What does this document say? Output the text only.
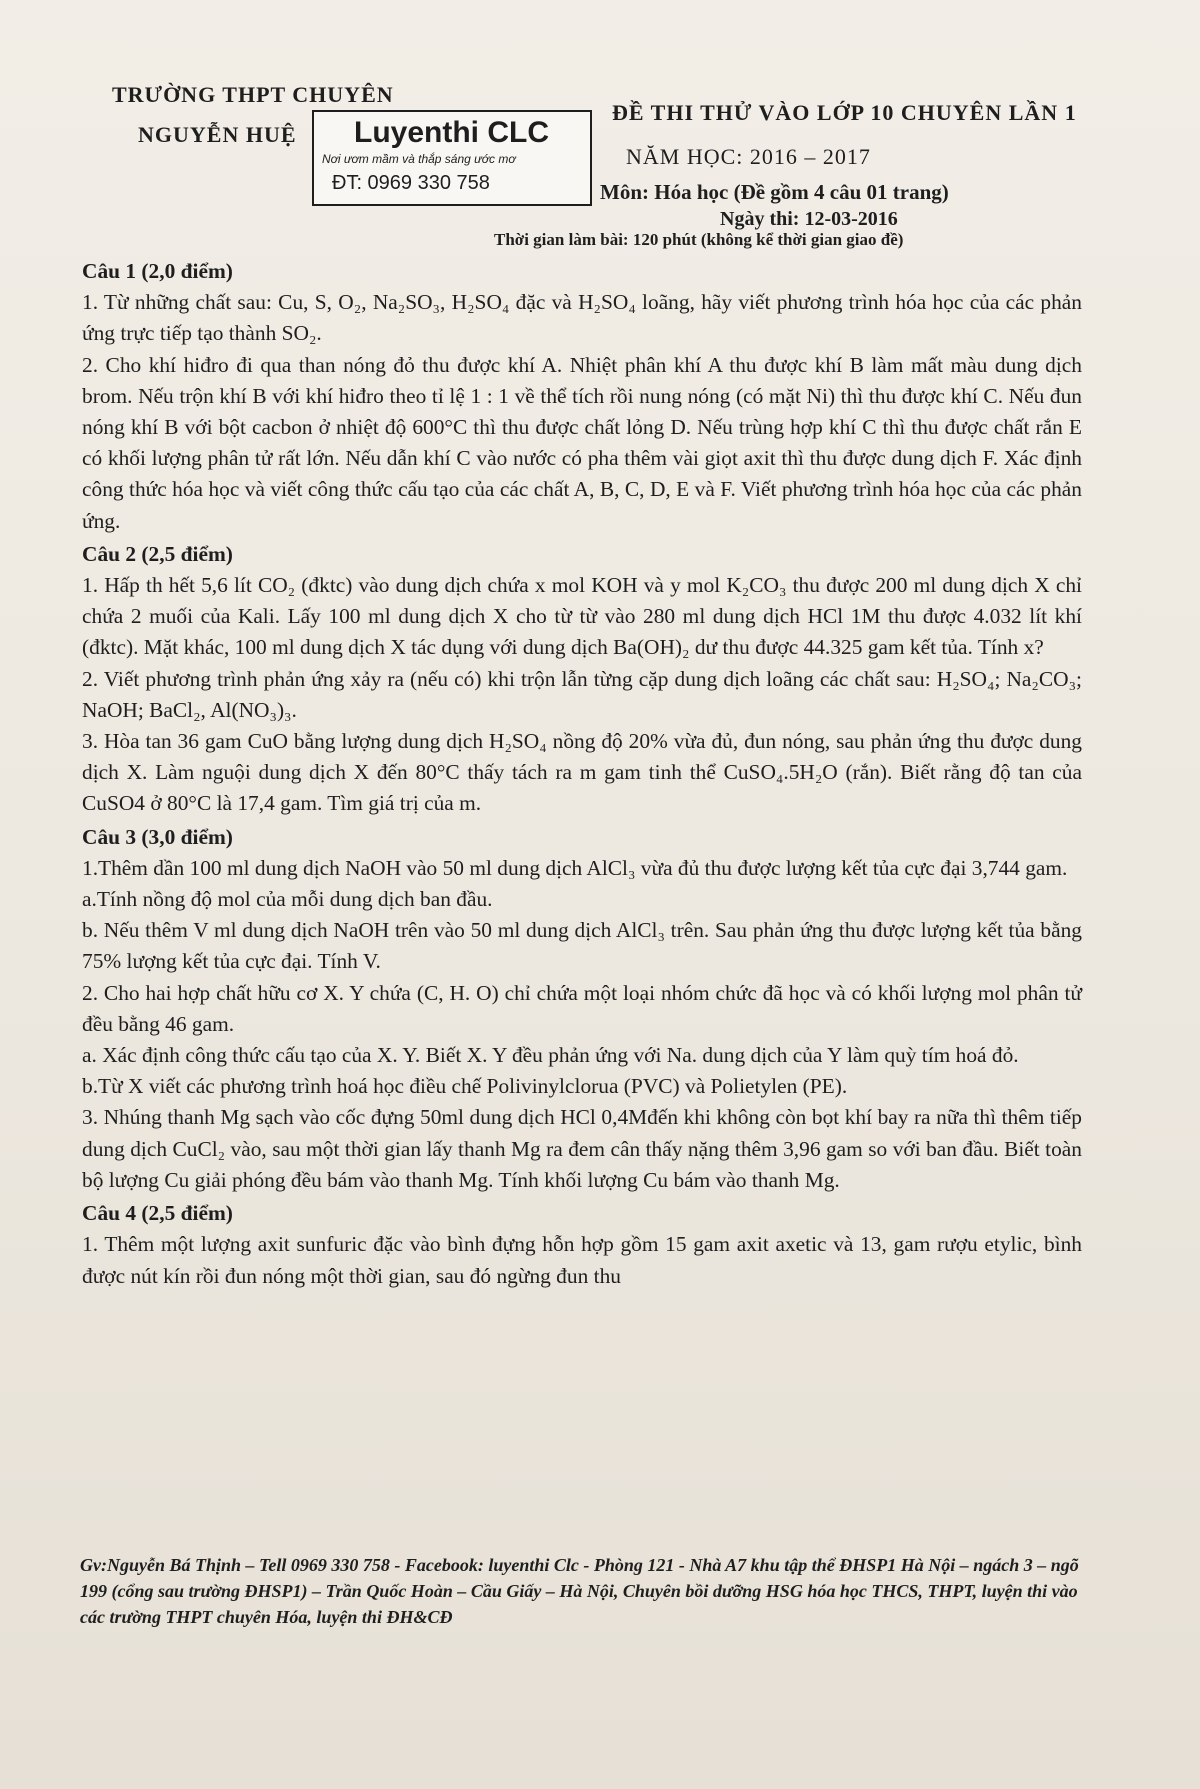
TRƯỜNG THPT CHUYÊN
NGUYỄN HUỆ Luyenthi CLC
Nơi ươm mầm và thắp sáng ước mơ
ĐT: 0969 330 758
ĐỀ THI THỬ VÀO LỚP 10 CHUYÊN LẦN 1
NĂM HỌC: 2016 – 2017
Môn: Hóa học (Đề gồm 4 câu 01 trang)
Ngày thi: 12-03-2016
Thời gian làm bài: 120 phút (không kể thời gian giao đề)
Câu 1 (2,0 điểm)

1. Từ những chất sau: Cu, S, O₂, Na₂SO₃, H₂SO₄ đặc và H₂SO₄ loãng, hãy viết phương trình hóa học của các phản ứng trực tiếp tạo thành SO₂.

2. Cho khí hiđro đi qua than nóng đỏ thu được khí A. Nhiệt phân khí A thu được khí B làm mất màu dung dịch brom. Nếu trộn khí B với khí hiđro theo tỉ lệ 1 : 1 về thể tích rồi nung nóng (có mặt Ni) thì thu được khí C. Nếu đun nóng khí B với bột cacbon ở nhiệt độ 600°C thì thu được chất lỏng D. Nếu trùng hợp khí C thì thu được chất rắn E có khối lượng phân tử rất lớn. Nếu dẫn khí C vào nước có pha thêm vài giọt axit thì thu được dung dịch F. Xác định công thức hóa học và viết công thức cấu tạo của các chất A, B, C, D, E và F. Viết phương trình hóa học của các phản ứng.

Câu 2 (2,5 điểm)

1. Hấp th hết 5,6 lít CO₂ (đktc) vào dung dịch chứa x mol KOH và y mol K₂CO₃ thu được 200 ml dung dịch X chỉ chứa 2 muối của Kali. Lấy 100 ml dung dịch X cho từ từ vào 280 ml dung dịch HCl 1M thu được 4.032 lít khí (đktc). Mặt khác, 100 ml dung dịch X tác dụng với dung dịch Ba(OH)₂ dư thu được 44.325 gam kết tủa. Tính x?

2. Viết phương trình phản ứng xảy ra (nếu có) khi trộn lẫn từng cặp dung dịch loãng các chất sau: H₂SO₄; Na₂CO₃; NaOH; BaCl₂, Al(NO₃)₃.

3. Hòa tan 36 gam CuO bằng lượng dung dịch H₂SO₄ nồng độ 20% vừa đủ, đun nóng, sau phản ứng thu được dung dịch X. Làm nguội dung dịch X đến 80°C thấy tách ra m gam tinh thể CuSO₄.5H₂O (rắn). Biết rằng độ tan của CuSO4 ở 80°C là 17,4 gam. Tìm giá trị của m.

Câu 3 (3,0 điểm)

1.Thêm dần 100 ml dung dịch NaOH vào 50 ml dung dịch AlCl₃ vừa đủ thu được lượng kết tủa cực đại 3,744 gam.

a.Tính nồng độ mol của mỗi dung dịch ban đầu.

b. Nếu thêm V ml dung dịch NaOH trên vào 50 ml dung dịch AlCl₃ trên. Sau phản ứng thu được lượng kết tủa bằng 75% lượng kết tủa cực đại. Tính V.

2. Cho hai hợp chất hữu cơ X. Y chứa (C, H. O) chỉ chứa một loại nhóm chức đã học và có khối lượng mol phân tử đều bằng 46 gam.

a. Xác định công thức cấu tạo của X. Y. Biết X. Y đều phản ứng với Na. dung dịch của Y làm quỳ tím hoá đỏ.

b.Từ X viết các phương trình hoá học điều chế Polivinylclorua (PVC) và Polietylen (PE).

3. Nhúng thanh Mg sạch vào cốc đựng 50ml dung dịch HCl 0,4Mđến khi không còn bọt khí bay ra nữa thì thêm tiếp dung dịch CuCl₂ vào, sau một thời gian lấy thanh Mg ra đem cân thấy nặng thêm 3,96 gam so với ban đầu. Biết toàn bộ lượng Cu giải phóng đều bám vào thanh Mg. Tính khối lượng Cu bám vào thanh Mg.

Câu 4 (2,5 điểm)

1. Thêm một lượng axit sunfuric đặc vào bình đựng hỗn hợp gồm 15 gam axit axetic và 13, gam rượu etylic, bình được nút kín rồi đun nóng một thời gian, sau đó ngừng đun thu

Gv:Nguyễn Bá Thịnh – Tell 0969 330 758 - Facebook: luyenthi Clc - Phòng 121 - Nhà A7 khu tập thể ĐHSP1 Hà Nội – ngách 3 – ngõ 199 (cổng sau trường ĐHSP1) – Trần Quốc Hoàn – Cầu Giấy – Hà Nội, Chuyên bồi dưỡng HSG hóa học THCS, THPT, luyện thi vào các trường THPT chuyên Hóa, luyện thi ĐH&CĐ
